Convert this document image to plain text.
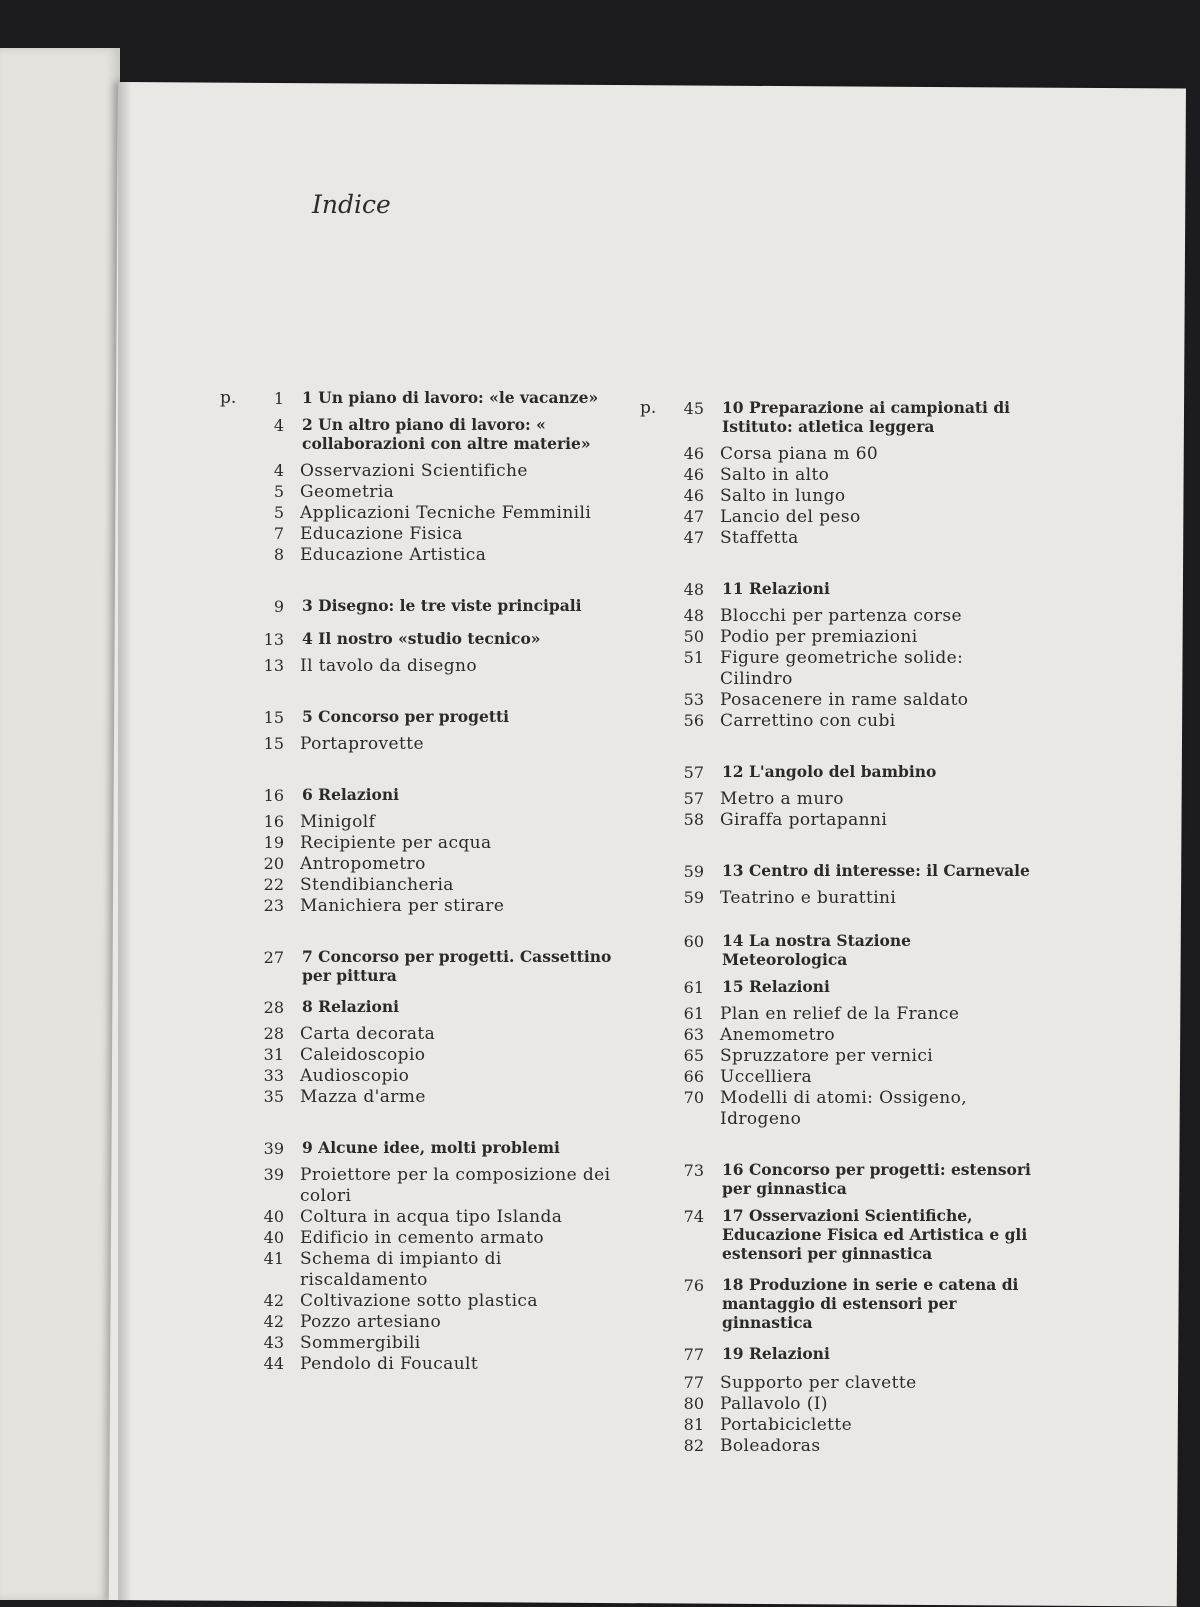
Indice
p.	1 1 Un piano di lavoro: «le vacanze»
4 2 Un altro piano di lavoro: « collaborazioni con altre materie»
4 Osservazioni Scientifiche
5 Geometria
5 Applicazioni Tecniche Femminili
7 Educazione Fisica
8 Educazione Artistica
9 3 Disegno: le tre viste principali
13 4 Il nostro «studio tecnico»
13 Il tavolo da disegno
15 5 Concorso per progetti
15 Portaprovette
16 6 Relazioni
16 Minigolf
19 Recipiente per acqua
20 Antropometro
22 Stendibiancheria
23 Manichiera per stirare
27 7 Concorso per progetti. Cassettino per pittura
28 8 Relazioni
28 Carta decorata
31 Caleidoscopio
33 Audioscopio
35 Mazza d'arme
39 9 Alcune idee, molti problemi
39 Proiettore per la composizione dei colori
40 Coltura in acqua tipo Islanda
40 Edificio in cemento armato
41 Schema di impianto di riscaldamento
42 Coltivazione sotto plastica
42 Pozzo artesiano
43 Sommergibili
44 Pendolo di Foucault
p.	45 10 Preparazione ai campionati di Istituto: atletica leggera
46 Corsa piana m 60
46 Salto in alto
46 Salto in lungo
47 Lancio del peso
47 Staffetta
48 11 Relazioni
48 Blocchi per partenza corse
50 Podio per premiazioni
51 Figure geometriche solide: Cilindro
53 Posacenere in rame saldato
56 Carrettino con cubi
57 12 L'angolo del bambino
57 Metro a muro
58 Giraffa portapanni
59 13 Centro di interesse: il Carnevale
59 Teatrino e burattini
60 14 La nostra Stazione Meteorologica
61 15 Relazioni
61 Plan en relief de la France
63 Anemometro
65 Spruzzatore per vernici
66 Uccelliera
70 Modelli di atomi: Ossigeno, Idrogeno
73 16 Concorso per progetti: estensori per ginnastica
74 17 Osservazioni Scientifiche, Educazione Fisica ed Artistica e gli estensori per ginnastica
76 18 Produzione in serie e catena di mantaggio di estensori per ginnastica
77 19 Relazioni
77 Supporto per clavette
80 Pallavolo (I)
81 Portabiciclette
82 Boleadoras
